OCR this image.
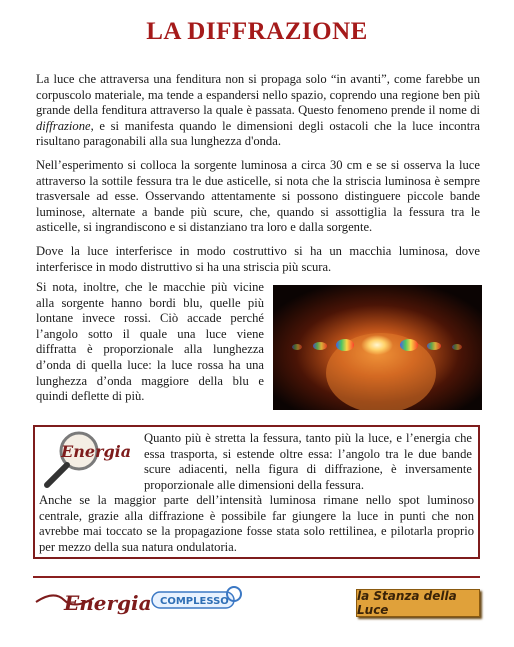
LA DIFFRAZIONE

La luce che attraversa una fenditura non si propaga solo “in avanti”, come farebbe un corpuscolo materiale, ma tende a espandersi nello spazio, coprendo una regione ben più grande della fenditura attraverso la quale è passata. Questo fenomeno prende il nome di diffrazione, e si manifesta quando le dimensioni degli ostacoli che la luce incontra risultano paragonabili alla sua lunghezza d'onda.

Nell’esperimento si colloca la sorgente luminosa a circa 30 cm e se si osserva la luce attraverso la sottile fessura tra le due asticelle, si nota che la striscia luminosa è sempre trasversale ad esse. Osservando attentamente si possono distinguere piccole bande luminose, alternate a bande più scure, che, quando si assottiglia la fessura tra le asticelle, si ingrandiscono e si distanziano tra loro e dalla sorgente.

Dove la luce interferisce in modo costruttivo si ha un macchia luminosa, dove interferisce in modo distruttivo si ha una striscia più scura.

Si nota, inoltre, che le macchie più vicine alla sorgente hanno bordi blu, quelle più lontane invece rossi. Ciò accade perché l’angolo sotto il quale una luce viene diffratta è proporzionale alla lunghezza d’onda di quella luce: la luce rossa ha una lunghezza d’onda maggiore della blu e quindi deflette di più.

Energia

Quanto più è stretta la fessura, tanto più la luce, e l’energia che essa trasporta, si estende oltre essa: l’angolo tra le due bande scure adiacenti, nella figura di diffrazione, è inversamente proporzionale alle dimensioni della fessura.

Anche se la maggior parte dell’intensità luminosa rimane nello spot luminoso centrale, grazie alla diffrazione è possibile far giungere la luce in punti che non avrebbe mai toccato se la propagazione fosse stata solo rettilinea, e pilotarla proprio per mezzo della sua natura ondulatoria.

Energia COMPLESSO	la Stanza della Luce
